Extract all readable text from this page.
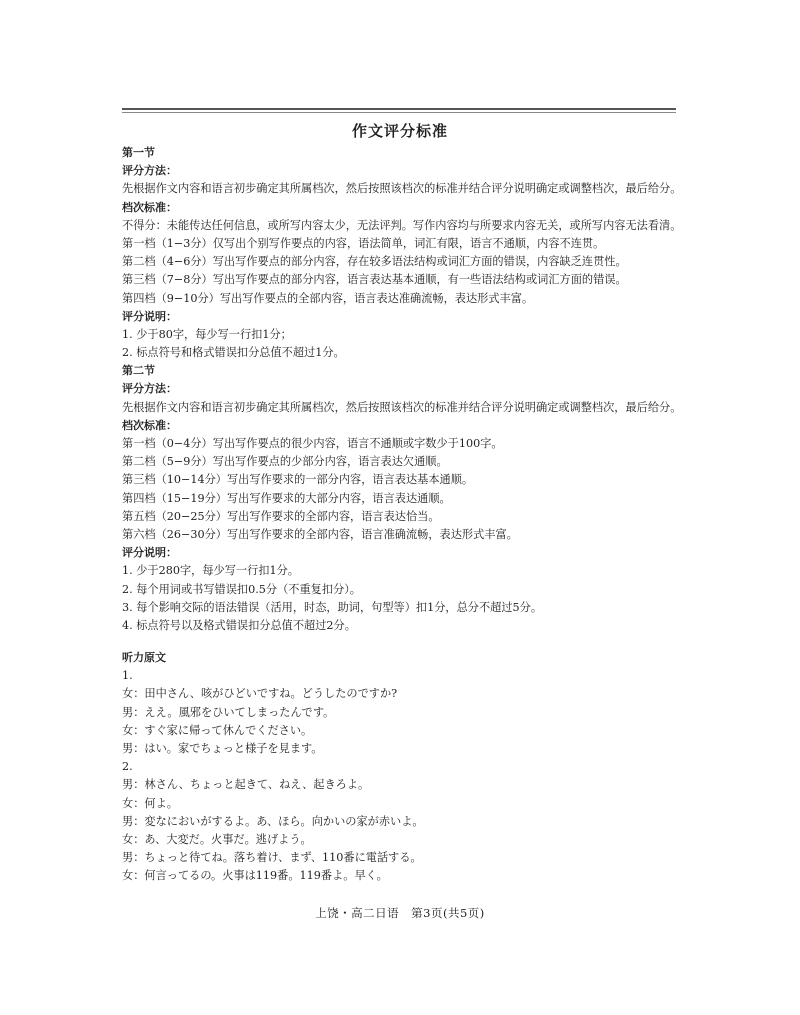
作文评分标准
第一节
评分方法：
先根据作文内容和语言初步确定其所属档次，然后按照该档次的标准并结合评分说明确定或调整档次，最后给分。
档次标准：
不得分：未能传达任何信息，或所写内容太少，无法评判。写作内容均与所要求内容无关，或所写内容无法看清。
第一档（1−3分）仅写出个别写作要点的内容，语法简单，词汇有限，语言不通顺，内容不连贯。
第二档（4−6分）写出写作要点的部分内容，存在较多语法结构或词汇方面的错误，内容缺乏连贯性。
第三档（7−8分）写出写作要点的部分内容，语言表达基本通顺，有一些语法结构或词汇方面的错误。
第四档（9−10分）写出写作要点的全部内容，语言表达准确流畅，表达形式丰富。
评分说明：
1. 少于80字，每少写一行扣1分；
2. 标点符号和格式错误扣分总值不超过1分。
第二节
评分方法：
先根据作文内容和语言初步确定其所属档次，然后按照该档次的标准并结合评分说明确定或调整档次，最后给分。
档次标准：
第一档（0−4分）写出写作要点的很少内容，语言不通顺或字数少于100字。
第二档（5−9分）写出写作要点的少部分内容，语言表达欠通顺。
第三档（10−14分）写出写作要求的一部分内容，语言表达基本通顺。
第四档（15−19分）写出写作要求的大部分内容，语言表达通顺。
第五档（20−25分）写出写作要求的全部内容，语言表达恰当。
第六档（26−30分）写出写作要求的全部内容，语言准确流畅，表达形式丰富。
评分说明：
1. 少于280字，每少写一行扣1分。
2. 每个用词或书写错误扣0.5分（不重复扣分）。
3. 每个影响交际的语法错误（活用，时态，助词，句型等）扣1分，总分不超过5分。
4. 标点符号以及格式错误扣分总值不超过2分。
听力原文
1.
女：田中さん、咳がひどいですね。どうしたのですか?
男：ええ。風邪をひいてしまったんです。
女：すぐ家に帰って休んでください。
男：はい。家でちょっと様子を見ます。
2.
男：林さん、ちょっと起きて、ねえ、起きろよ。
女：何よ。
男：変なにおいがするよ。あ、ほら。向かいの家が赤いよ。
女：あ、大変だ。火事だ。逃げよう。
男：ちょっと待てね。落ち着け、まず、110番に電話する。
女：何言ってるの。火事は119番。119番よ。早く。
上饶・高二日语　第3页(共5页)
